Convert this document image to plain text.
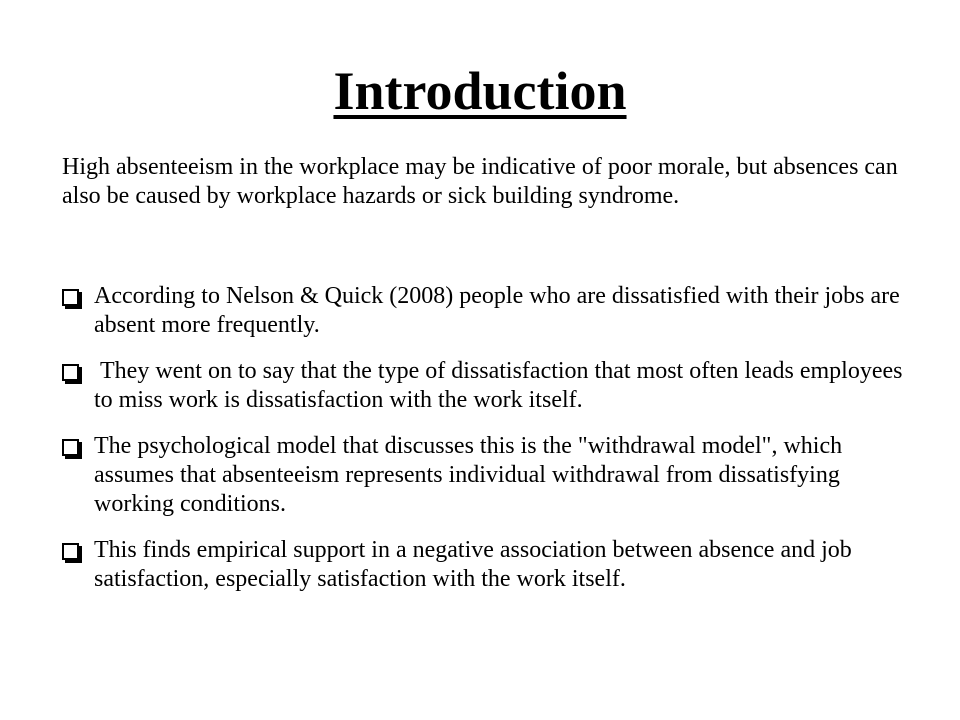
Introduction

High absenteeism in the workplace may be indicative of poor morale, but absences can also be caused by workplace hazards or sick building syndrome.

According to Nelson & Quick (2008) people who are dissatisfied with their jobs are absent more frequently.
They went on to say that the type of dissatisfaction that most often leads employees to miss work is dissatisfaction with the work itself.
The psychological model that discusses this is the "withdrawal model", which assumes that absenteeism represents individual withdrawal from dissatisfying working conditions.
This finds empirical support in a negative association between absence and job satisfaction, especially satisfaction with the work itself.
